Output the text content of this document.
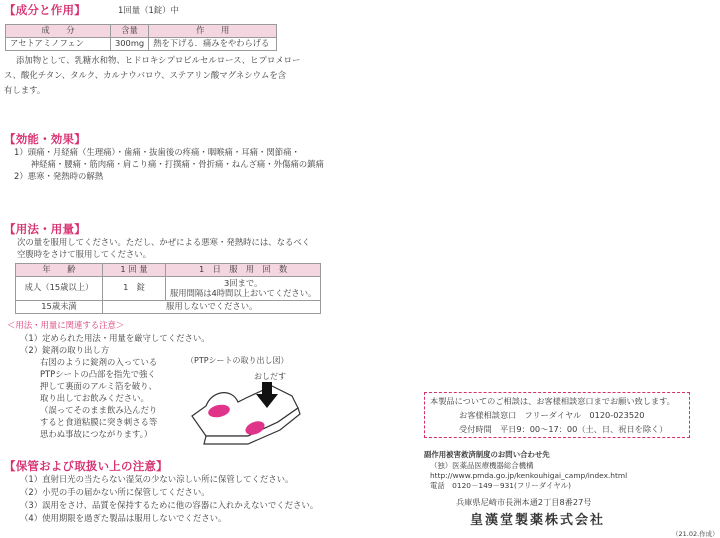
【成分と作用】	1回量（1錠）中
成　　分	含量	作　　用
アセトアミノフェン	300mg	熱を下げる．痛みをやわらげる
添加物として、乳糖水和物、ヒドロキシプロピルセルロース、ヒプロメロー
ス、酸化チタン、タルク、カルナウバロウ、ステアリン酸マグネシウムを含
有します。
【効能・効果】
1）頭痛・月経痛（生理痛）・歯痛・抜歯後の疼痛・咽喉痛・耳痛・関節痛・
　　神経痛・腰痛・筋肉痛・肩こり痛・打撲痛・骨折痛・ねんざ痛・外傷痛の鎮痛
2）悪寒・発熱時の解熱
【用法・用量】
次の量を服用してください。ただし、かぜによる悪寒・発熱時には、なるべく
空腹時をさけて服用してください。
年　　齢	1 回 量	1　日　服　用　回　数
成人（15歳以上）	1　錠	3回まで。
服用間隔は4時間以上おいてください。

15歳未満	服用しないでください。	
＜用法・用量に関連する注意＞
（1）定められた用法・用量を厳守してください。
（2）錠剤の取り出し方
右図のように錠剤の入っている
PTPシートの凸部を指先で強く
押して裏面のアルミ箔を破り、
取り出してお飲みください。
（誤ってそのまま飲み込んだり
すると食道粘膜に突き刺さる等
思わぬ事故につながります。）
（PTPシートの取り出し図）
おしだす
【保管および取扱い上の注意】
（1）直射日光の当たらない湿気の少ない涼しい所に保管してください。
（2）小児の手の届かない所に保管してください。
（3）誤用をさけ、品質を保持するために他の容器に入れかえないでください。
（4）使用期限を過ぎた製品は服用しないでください。
本製品についてのご相談は、お客様相談窓口までお願い致します。
お客様相談窓口　フリーダイヤル　0120-023520
受付時間　平日9：00～17：00（土、日、祝日を除く）
副作用被害救済制度のお問い合わせ先
（独）医薬品医療機器総合機構
http://www.pmda.go.jp/kenkouhigai_camp/index.html
電話　0120－149－931(フリーダイヤル)
兵庫県尼崎市長洲本通2丁目8番27号
皇漢堂製薬株式会社
（21.02.作成）
